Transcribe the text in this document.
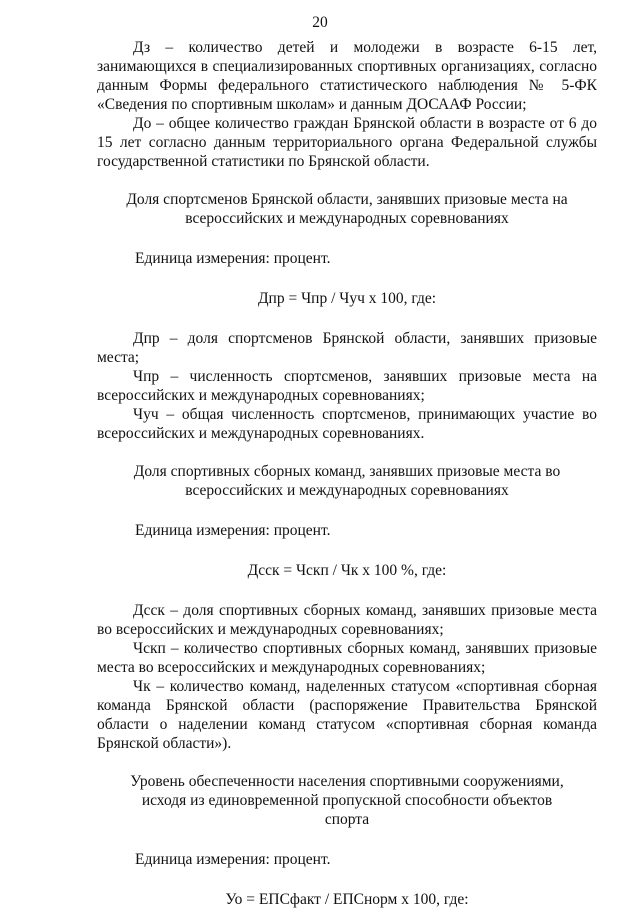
20

Дз – количество детей и молодежи в возрасте 6-15 лет, занимающихся в специализированных спортивных организациях, согласно данным Формы федерального статистического наблюдения № 5-ФК «Сведения по спортивным школам» и данным ДОСААФ России;

До – общее количество граждан Брянской области в возрасте от 6 до 15 лет согласно данным территориального органа Федеральной службы государственной статистики по Брянской области.

Доля спортсменов Брянской области, занявших призовые места на всероссийских и международных соревнованиях

Единица измерения: процент.

Дпр = Чпр / Чуч х 100, где:

Дпр – доля спортсменов Брянской области, занявших призовые места;

Чпр – численность спортсменов, занявших призовые места на всероссийских и международных соревнованиях;

Чуч – общая численность спортсменов, принимающих участие во всероссийских и международных соревнованиях.

Доля спортивных сборных команд, занявших призовые места во всероссийских и международных соревнованиях

Единица измерения: процент.

Дсск = Чскп / Чк х 100 %, где:

Дсск – доля спортивных сборных команд, занявших призовые места во всероссийских и международных соревнованиях;

Чскп – количество спортивных сборных команд, занявших призовые места во всероссийских и международных соревнованиях;

Чк – количество команд, наделенных статусом «спортивная сборная команда Брянской области (распоряжение Правительства Брянской области о наделении команд статусом «спортивная сборная команда Брянской области»).

Уровень обеспеченности населения спортивными сооружениями, исходя из единовременной пропускной способности объектов спорта

Единица измерения: процент.

Уо = ЕПСфакт / ЕПСнорм х 100, где:
